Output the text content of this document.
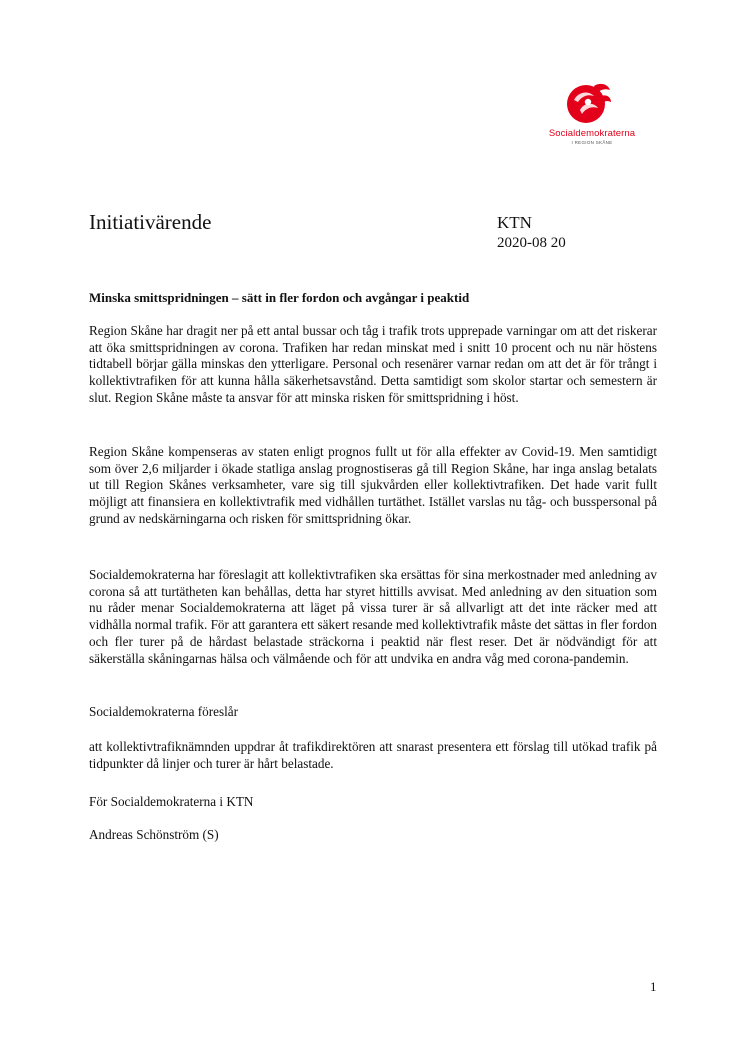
Socialdemokraterna
I REGION SKÅNE
Initiativärende	KTN
2020-08 20
Minska smittspridningen – sätt in fler fordon och avgångar i peaktid

Region Skåne har dragit ner på ett antal bussar och tåg i trafik trots upprepade varningar om att det riskerar att öka smittspridningen av corona. Trafiken har redan minskat med i snitt 10 procent och nu när höstens tidtabell börjar gälla minskas den ytterligare. Personal och resenärer varnar redan om att det är för trångt i kollektivtrafiken för att kunna hålla säkerhetsavstånd. Detta samtidigt som skolor startar och semestern är slut. Region Skåne måste ta ansvar för att minska risken för smittspridning i höst.

Region Skåne kompenseras av staten enligt prognos fullt ut för alla effekter av Covid-19. Men samtidigt som över 2,6 miljarder i ökade statliga anslag prognostiseras gå till Region Skåne, har inga anslag betalats ut till Region Skånes verksamheter, vare sig till sjukvården eller kollektivtrafiken. Det hade varit fullt möjligt att finansiera en kollektivtrafik med vidhållen turtäthet. Istället varslas nu tåg- och busspersonal på grund av nedskärningarna och risken för smittspridning ökar.

Socialdemokraterna har föreslagit att kollektivtrafiken ska ersättas för sina merkostnader med anledning av corona så att turtätheten kan behållas, detta har styret hittills avvisat. Med anledning av den situation som nu råder menar Socialdemokraterna att läget på vissa turer är så allvarligt att det inte räcker med att vidhålla normal trafik. För att garantera ett säkert resande med kollektivtrafik måste det sättas in fler fordon och fler turer på de hårdast belastade sträckorna i peaktid när flest reser. Det är nödvändigt för att säkerställa skåningarnas hälsa och välmående och för att undvika en andra våg med corona-pandemin.

Socialdemokraterna föreslår

att kollektivtrafiknämnden uppdrar åt trafikdirektören att snarast presentera ett förslag till utökad trafik på tidpunkter då linjer och turer är hårt belastade.

För Socialdemokraterna i KTN

Andreas Schönström (S)

1
